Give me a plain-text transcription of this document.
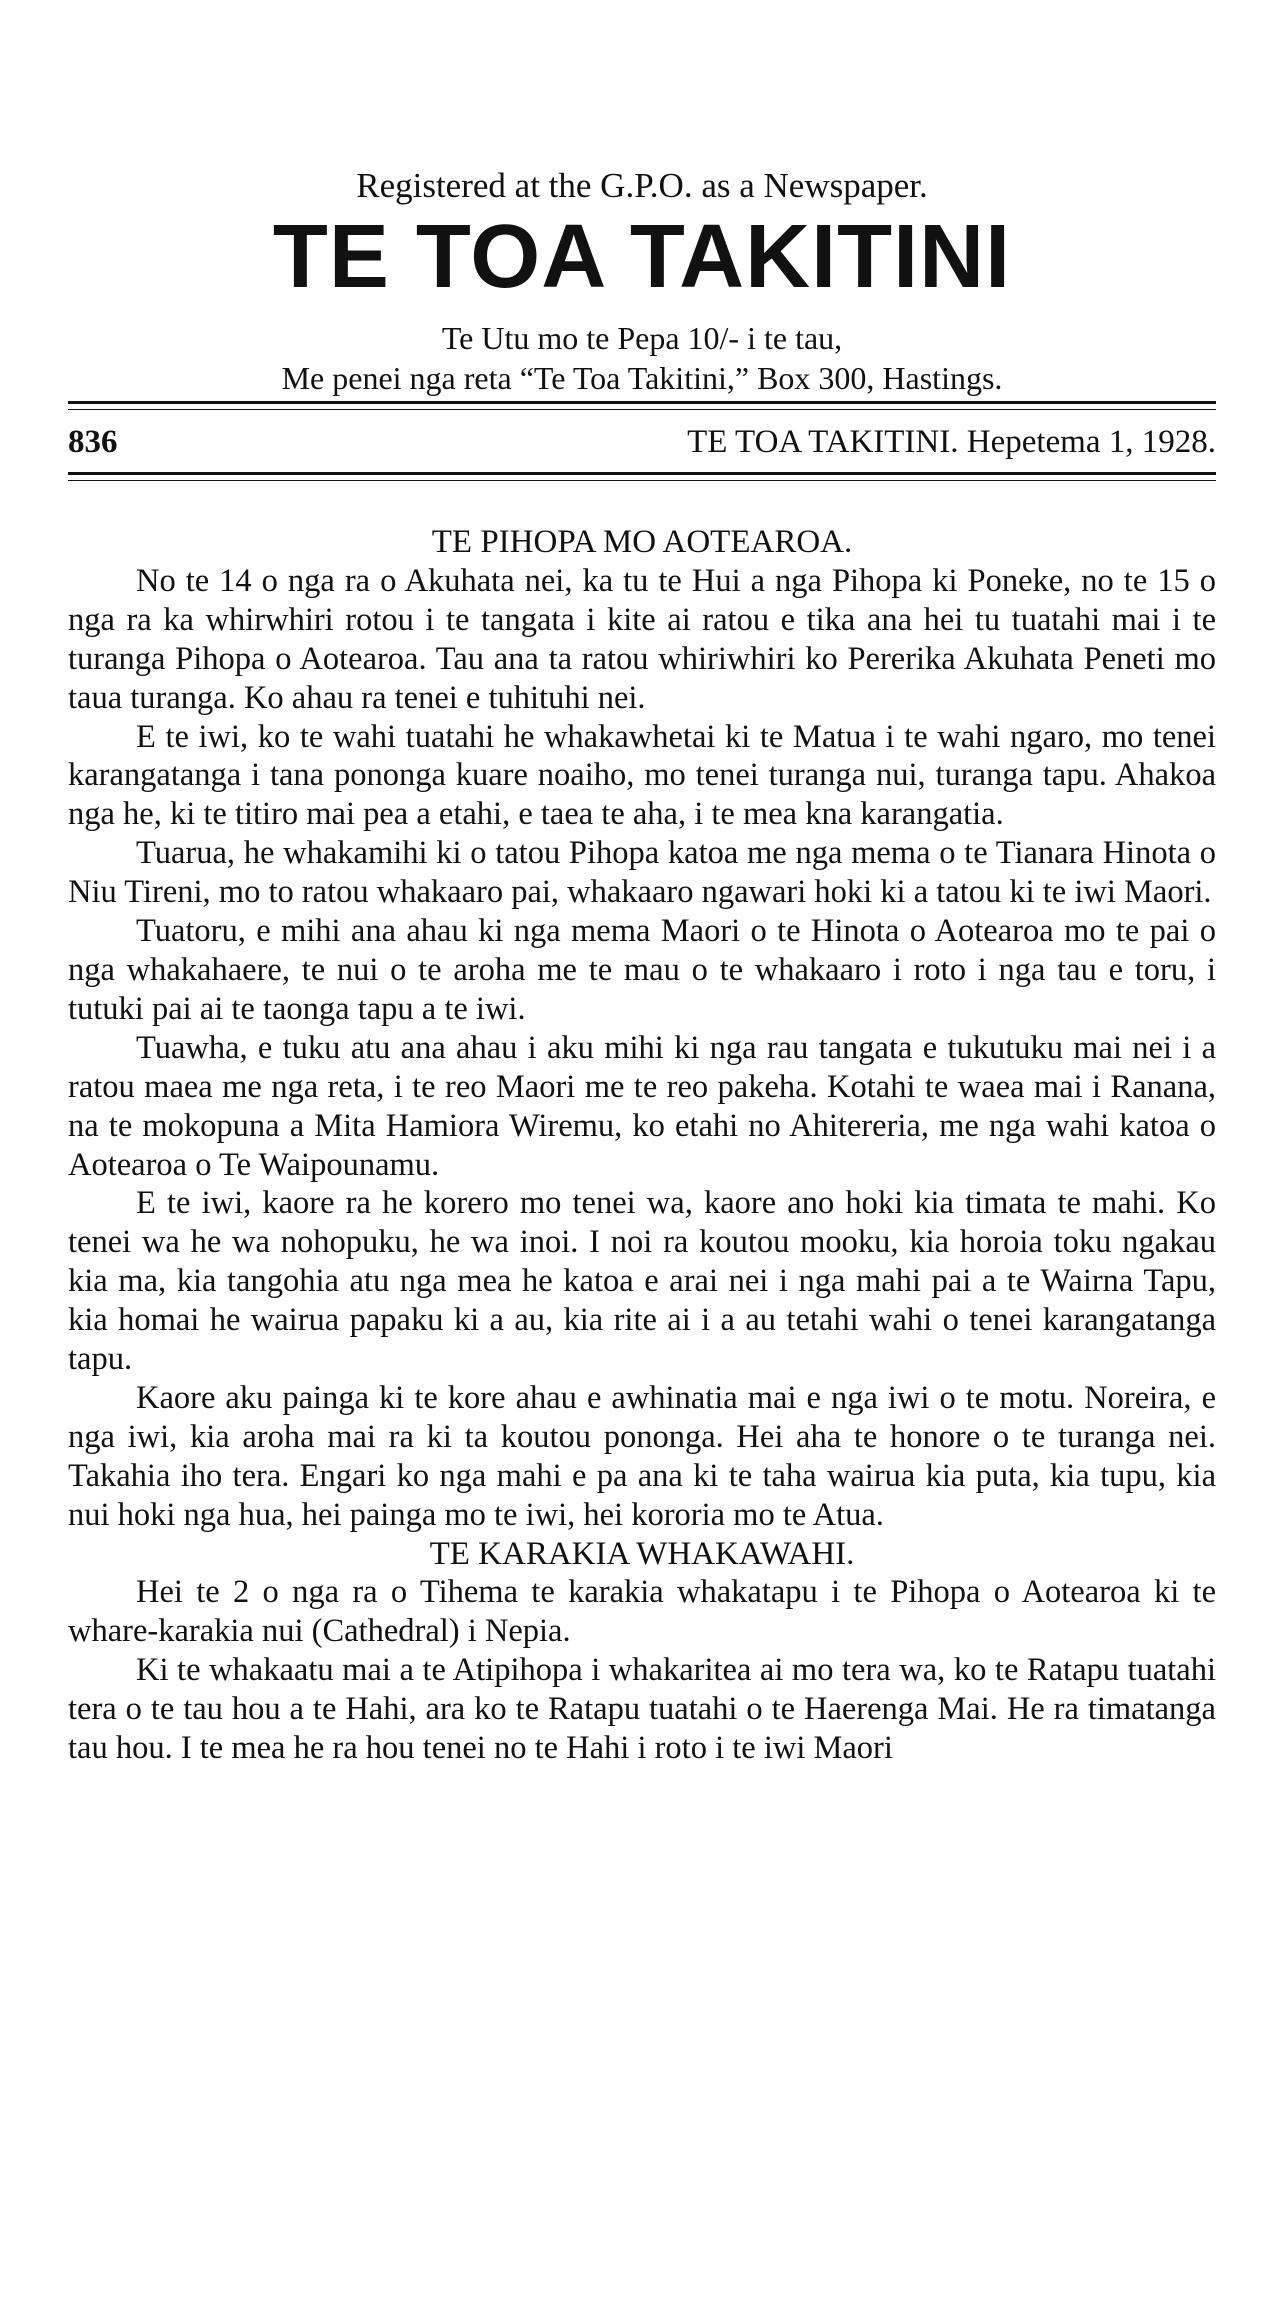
Registered at the G.P.O. as a Newspaper.
TE TOA TAKITINI
Te Utu mo te Pepa 10/- i te tau,
Me penei nga reta “Te Toa Takitini,” Box 300, Hastings.
836	TE TOA TAKITINI. Hepetema 1, 1928.
TE PIHOPA MO AOTEAROA.

No te 14 o nga ra o Akuhata nei, ka tu te Hui a nga Pihopa ki Poneke, no te 15 o nga ra ka whirwhiri rotou i te tangata i kite ai ratou e tika ana hei tu tuatahi mai i te turanga Pihopa o Aotearoa. Tau ana ta ratou whiriwhiri ko Pererika Akuhata Peneti mo taua turanga. Ko ahau ra tenei e tuhituhi nei.

E te iwi, ko te wahi tuatahi he whakawhetai ki te Matua i te wahi ngaro, mo tenei karangatanga i tana pononga kuare noaiho, mo tenei turanga nui, turanga tapu. Ahakoa nga he, ki te titiro mai pea a etahi, e taea te aha, i te mea kna karangatia.

Tuarua, he whakamihi ki o tatou Pihopa katoa me nga mema o te Tianara Hinota o Niu Tireni, mo to ratou whakaaro pai, whakaaro ngawari hoki ki a tatou ki te iwi Maori.

Tuatoru, e mihi ana ahau ki nga mema Maori o te Hinota o Aotearoa mo te pai o nga whakahaere, te nui o te aroha me te mau o te whakaaro i roto i nga tau e toru, i tutuki pai ai te taonga tapu a te iwi.

Tuawha, e tuku atu ana ahau i aku mihi ki nga rau tangata e tukutuku mai nei i a ratou maea me nga reta, i te reo Maori me te reo pakeha. Kotahi te waea mai i Ranana, na te mokopuna a Mita Hamiora Wiremu, ko etahi no Ahitereria, me nga wahi katoa o Aotearoa o Te Waipounamu.

E te iwi, kaore ra he korero mo tenei wa, kaore ano hoki kia timata te mahi. Ko tenei wa he wa nohopuku, he wa inoi. I noi ra koutou mooku, kia horoia toku ngakau kia ma, kia tangohia atu nga mea he katoa e arai nei i nga mahi pai a te Wairna Tapu, kia homai he wairua papaku ki a au, kia rite ai i a au tetahi wahi o tenei karangatanga tapu.

Kaore aku painga ki te kore ahau e awhinatia mai e nga iwi o te motu. Noreira, e nga iwi, kia aroha mai ra ki ta koutou pononga. Hei aha te honore o te turanga nei. Takahia iho tera. Engari ko nga mahi e pa ana ki te taha wairua kia puta, kia tupu, kia nui hoki nga hua, hei painga mo te iwi, hei kororia mo te Atua.

TE KARAKIA WHAKAWAHI.

Hei te 2 o nga ra o Tihema te karakia whakatapu i te Pihopa o Aotearoa ki te whare-karakia nui (Cathedral) i Nepia.

Ki te whakaatu mai a te Atipihopa i whakaritea ai mo tera wa, ko te Ratapu tuatahi tera o te tau hou a te Hahi, ara ko te Ratapu tuatahi o te Haerenga Mai. He ra timatanga tau hou. I te mea he ra hou tenei no te Hahi i roto i te iwi Maori
